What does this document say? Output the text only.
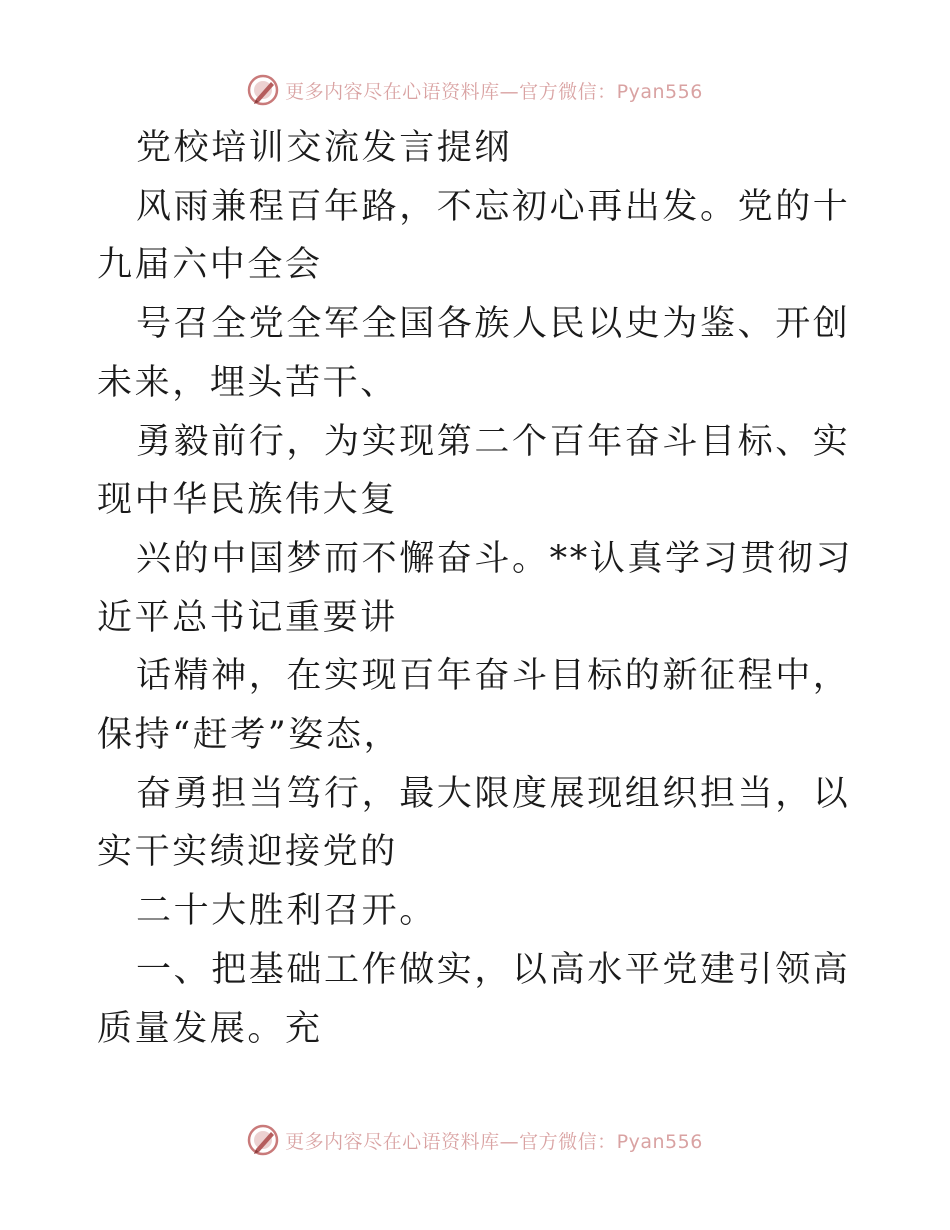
更多内容尽在心语资料库—官方微信：Pyan556

党校培训交流发言提纲

风雨兼程百年路，不忘初心再出发。党的十九届六中全会

号召全党全军全国各族人民以史为鉴、开创未来，埋头苦干、

勇毅前行，为实现第二个百年奋斗目标、实现中华民族伟大复

兴的中国梦而不懈奋斗。**认真学习贯彻习近平总书记重要讲

话精神，在实现百年奋斗目标的新征程中，保持“赶考”姿态，

奋勇担当笃行，最大限度展现组织担当，以实干实绩迎接党的

二十大胜利召开。

一、把基础工作做实，以高水平党建引领高质量发展。充

更多内容尽在心语资料库—官方微信：Pyan556
